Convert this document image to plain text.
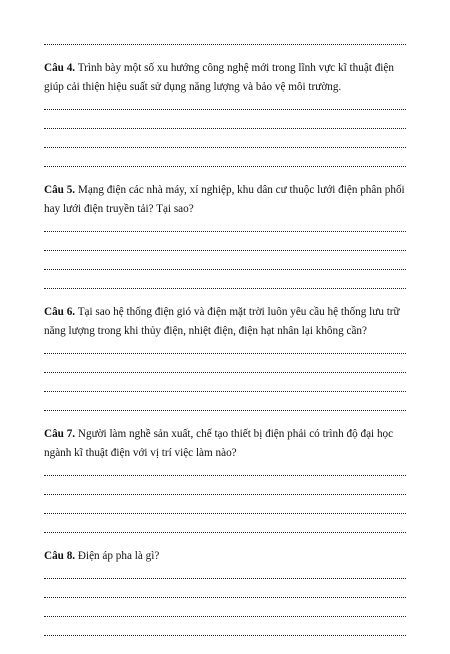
Câu 4. Trình bày một số xu hướng công nghệ mới trong lĩnh vực kĩ thuật điện giúp cải thiện hiệu suất sử dụng năng lượng và bảo vệ môi trường.
Câu 5. Mạng điện các nhà máy, xí nghiệp, khu dân cư thuộc lưới điện phân phối hay lưới điện truyền tải? Tại sao?
Câu 6. Tại sao hệ thống điện gió và điện mặt trời luôn yêu cầu hệ thống lưu trữ năng lượng trong khi thủy điện, nhiệt điện, điện hạt nhân lại không cần?
Câu 7. Người làm nghề sản xuất, chế tạo thiết bị điện phải có trình độ đại học ngành kĩ thuật điện với vị trí việc làm nào?
Câu 8. Điện áp pha là gì?
